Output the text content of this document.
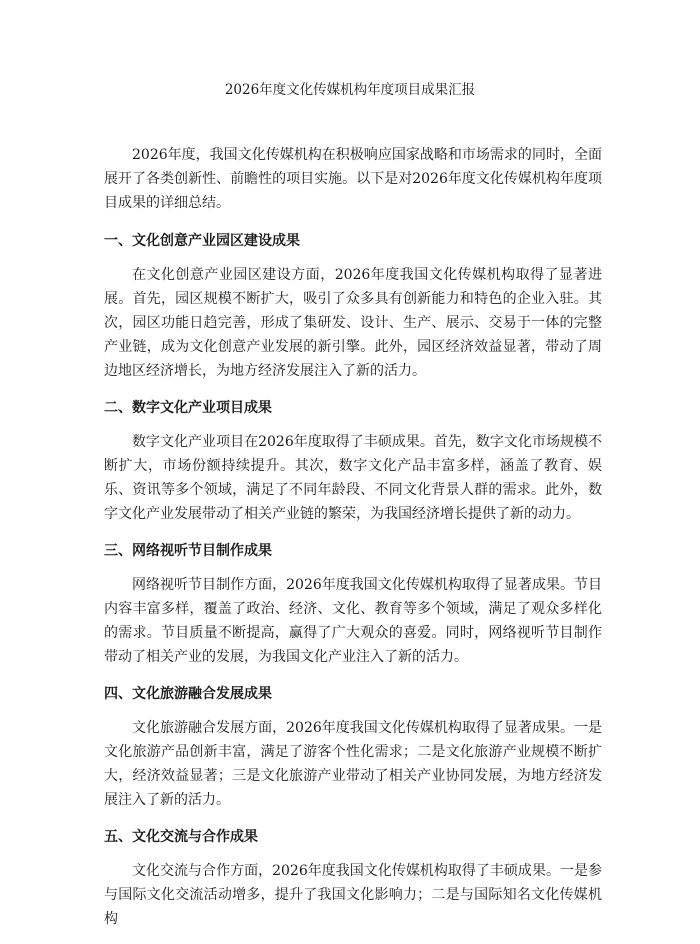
2026年度文化传媒机构年度项目成果汇报

2026年度，我国文化传媒机构在积极响应国家战略和市场需求的同时，全面展开了各类创新性、前瞻性的项目实施。以下是对2026年度文化传媒机构年度项目成果的详细总结。

一、文化创意产业园区建设成果

在文化创意产业园区建设方面，2026年度我国文化传媒机构取得了显著进展。首先，园区规模不断扩大，吸引了众多具有创新能力和特色的企业入驻。其次，园区功能日趋完善，形成了集研发、设计、生产、展示、交易于一体的完整产业链，成为文化创意产业发展的新引擎。此外，园区经济效益显著，带动了周边地区经济增长，为地方经济发展注入了新的活力。

二、数字文化产业项目成果

数字文化产业项目在2026年度取得了丰硕成果。首先，数字文化市场规模不断扩大，市场份额持续提升。其次，数字文化产品丰富多样，涵盖了教育、娱乐、资讯等多个领域，满足了不同年龄段、不同文化背景人群的需求。此外，数字文化产业发展带动了相关产业链的繁荣，为我国经济增长提供了新的动力。

三、网络视听节目制作成果

网络视听节目制作方面，2026年度我国文化传媒机构取得了显著成果。节目内容丰富多样，覆盖了政治、经济、文化、教育等多个领域，满足了观众多样化的需求。节目质量不断提高，赢得了广大观众的喜爱。同时，网络视听节目制作带动了相关产业的发展，为我国文化产业注入了新的活力。

四、文化旅游融合发展成果

文化旅游融合发展方面，2026年度我国文化传媒机构取得了显著成果。一是文化旅游产品创新丰富，满足了游客个性化需求；二是文化旅游产业规模不断扩大，经济效益显著；三是文化旅游产业带动了相关产业协同发展，为地方经济发展注入了新的活力。

五、文化交流与合作成果

文化交流与合作方面，2026年度我国文化传媒机构取得了丰硕成果。一是参与国际文化交流活动增多，提升了我国文化影响力；二是与国际知名文化传媒机构
